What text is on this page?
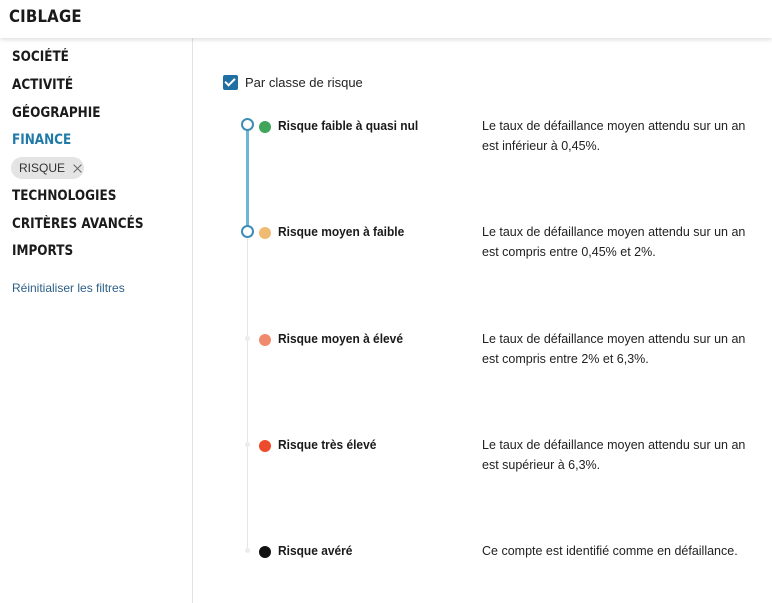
CIBLAGE
SOCIÉTÉ
ACTIVITÉ
GÉOGRAPHIE
FINANCE
RISQUE
TECHNOLOGIES
CRITÈRES AVANCÉS
IMPORTS
Réinitialiser les filtres
Par classe de risque
Risque faible à quasi nul	Le taux de défaillance moyen attendu sur un an est inférieur à 0,45%.
Risque moyen à faible	Le taux de défaillance moyen attendu sur un an est compris entre 0,45% et 2%.
Risque moyen à élevé	Le taux de défaillance moyen attendu sur un an est compris entre 2% et 6,3%.
Risque très élevé	Le taux de défaillance moyen attendu sur un an est supérieur à 6,3%.
Risque avéré	Ce compte est identifié comme en défaillance.
